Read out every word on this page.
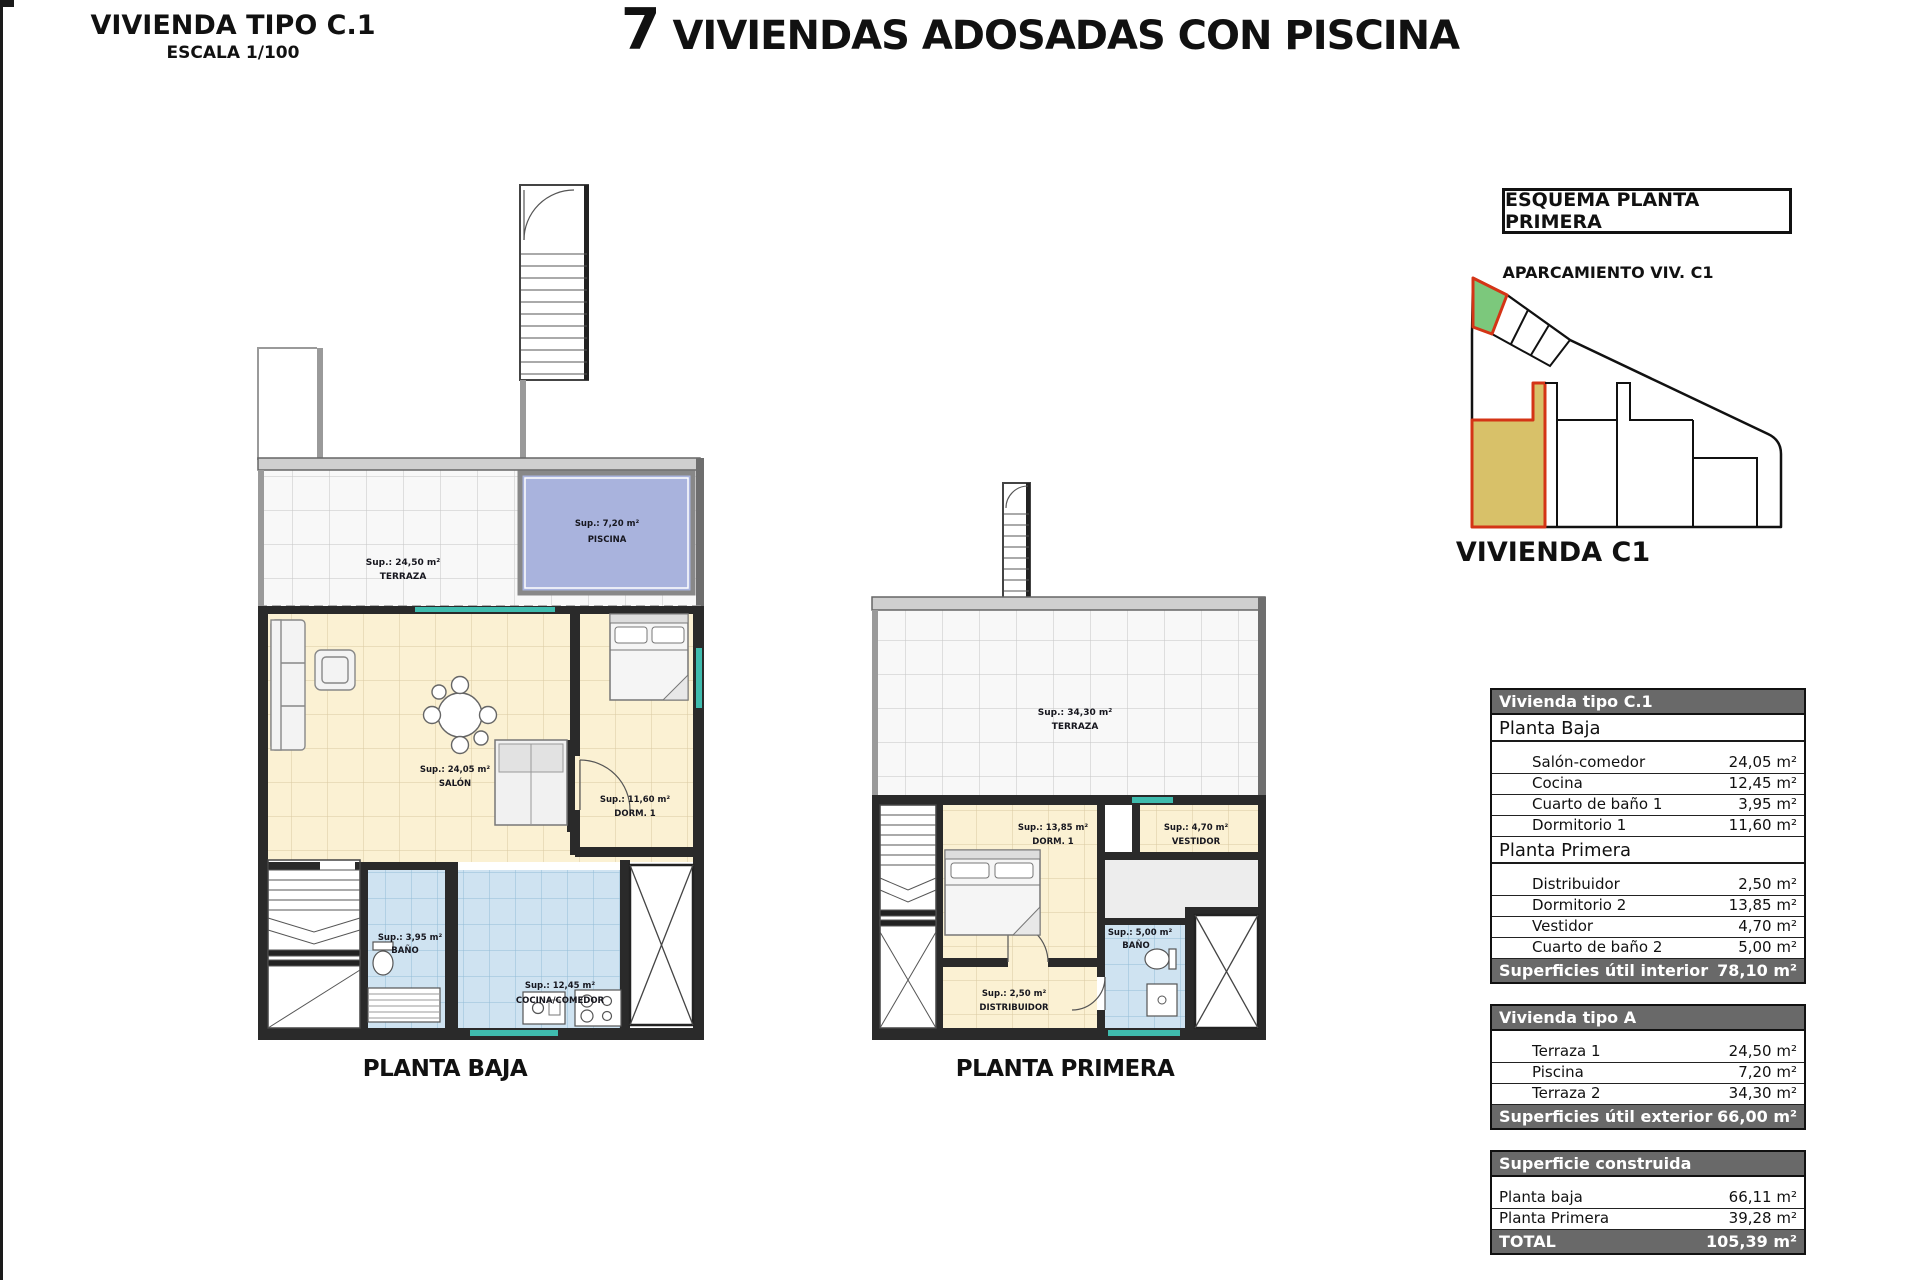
VIVIENDA TIPO C.1
ESCALA 1/100	7 VIVIENDAS ADOSADAS CON PISCINA
Sup.: 7,20 m²
PISCINA
Sup.: 24,50 m²
TERRAZA
Sup.: 24,05 m²
SALÓN
Sup.: 11,60 m²
DORM. 1
Sup.: 3,95 m²
BAÑO
Sup.: 12,45 m²
COCINA/COMEDOR
PLANTA BAJA
Sup.: 34,30 m²
TERRAZA
Sup.: 13,85 m²
DORM. 1
Sup.: 4,70 m²
VESTIDOR
Sup.: 5,00 m²
BAÑO
Sup.: 2,50 m²
DISTRIBUIDOR
PLANTA PRIMERA
ESQUEMA PLANTA PRIMERA
APARCAMIENTO VIV. C1
VIVIENDA C1
Vivienda tipo C.1
Planta Baja
Salón-comedor	24,05 m²
Cocina	12,45 m²
Cuarto de baño 1	3,95 m²
Dormitorio 1	11,60 m²
Planta Primera
Distribuidor	2,50 m²
Dormitorio 2	13,85 m²
Vestidor	4,70 m²
Cuarto de baño 2	5,00 m²
Superficies útil interior 78,10 m²
Vivienda tipo A
Terraza 1	24,50 m²
Piscina	7,20 m²
Terraza 2	34,30 m²
Superficies útil exterior 66,00 m²
Superficie construida
Planta baja	66,11 m²
Planta Primera	39,28 m²
TOTAL	105,39 m²
